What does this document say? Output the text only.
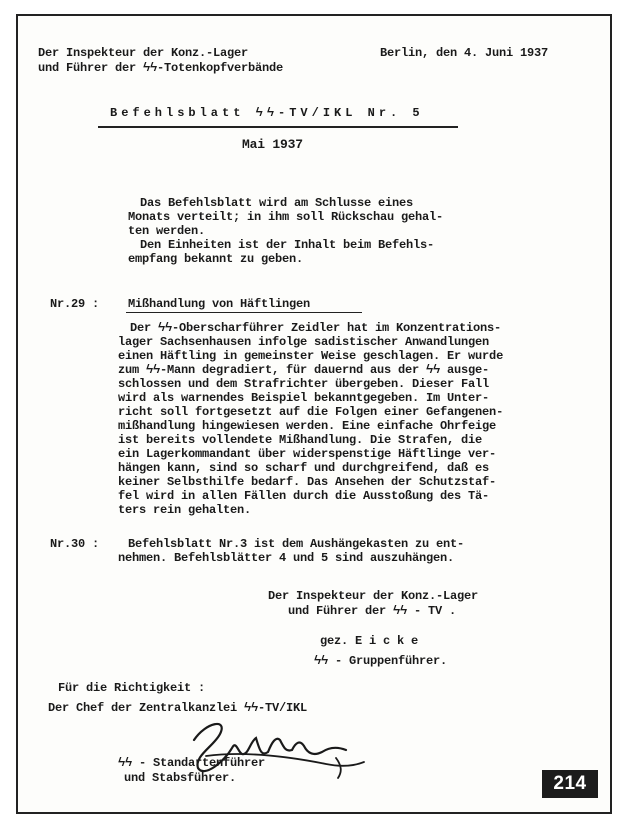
Der Inspekteur der Konz.-Lager
und Führer der ϟϟ-Totenkopfverbände
Berlin, den 4. Juni 1937
Befehlsblatt ϟϟ-TV/IKL Nr. 5
Mai 1937
Das Befehlsblatt wird am Schlusse eines
Monats verteilt; in ihm soll Rückschau gehal-
ten werden.
Den Einheiten ist der Inhalt beim Befehls-
empfang bekannt zu geben.
Nr.29 : Mißhandlung von Häftlingen
Der ϟϟ-Oberscharführer Zeidler hat im Konzentrations-
lager Sachsenhausen infolge sadistischer Anwandlungen
einen Häftling in gemeinster Weise geschlagen. Er wurde
zum ϟϟ-Mann degradiert, für dauernd aus der ϟϟ ausge-
schlossen und dem Strafrichter übergeben. Dieser Fall
wird als warnendes Beispiel bekanntgegeben. Im Unter-
richt soll fortgesetzt auf die Folgen einer Gefangenen-
mißhandlung hingewiesen werden. Eine einfache Ohrfeige
ist bereits vollendete Mißhandlung. Die Strafen, die
ein Lagerkommandant über widerspenstige Häftlinge ver-
hängen kann, sind so scharf und durchgreifend, daß es
keiner Selbsthilfe bedarf. Das Ansehen der Schutzstaf-
fel wird in allen Fällen durch die Ausstoßung des Tä-
ters rein gehalten.
Nr.30 : Befehlsblatt Nr.3 ist dem Aushängekasten zu ent-
nehmen. Befehlsblätter 4 und 5 sind auszuhängen.
Der Inspekteur der Konz.-Lager
und Führer der ϟϟ - TV .
gez. E i c k e
ϟϟ - Gruppenführer.
Für die Richtigkeit :
Der Chef der Zentralkanzlei ϟϟ-TV/IKL
ϟϟ - Standartenführer
und Stabsführer.	214
